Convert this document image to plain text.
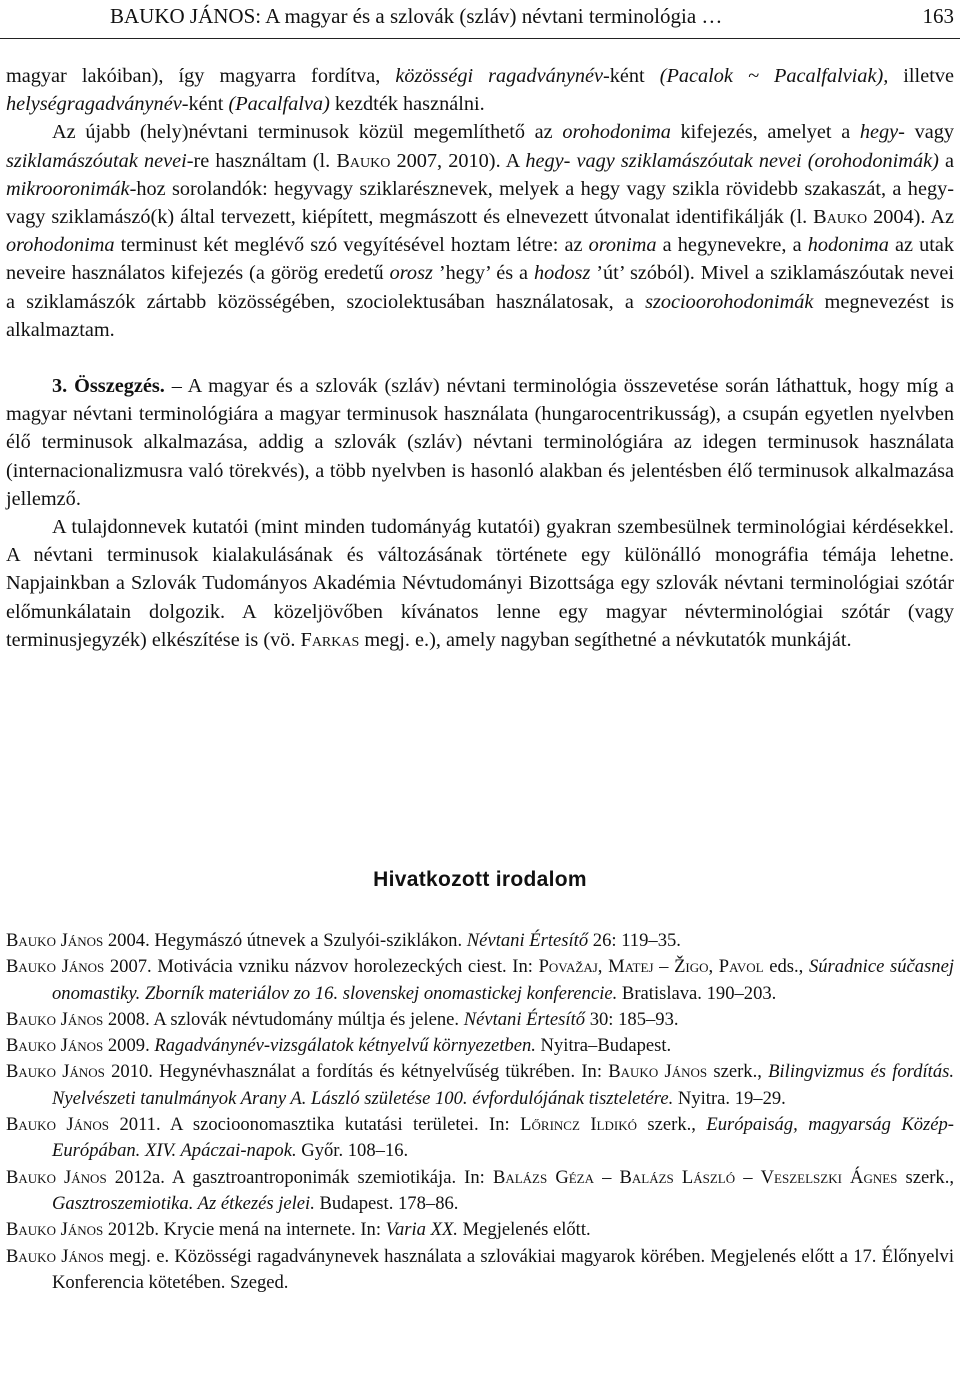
BAUKO JÁNOS: A magyar és a szlovák (szláv) névtani terminológia …	163

magyar lakóiban), így magyarra fordítva, közösségi ragadványnév-ként (Pacalok ~ Pacalfalviak), illetve helységragadványnév-ként (Pacalfalva) kezdték használni.

Az újabb (hely)névtani terminusok közül megemlíthető az orohodonima kifejezés, amelyet a hegy- vagy sziklamászóutak nevei-re használtam (l. Bauko 2007, 2010). A hegy- vagy sziklamászóutak nevei (orohodonimák) a mikrooronimák-hoz sorolandók: hegyvagy sziklarésznevek, melyek a hegy vagy szikla rövidebb szakaszát, a hegy- vagy sziklamászó(k) által tervezett, kiépített, megmászott és elnevezett útvonalat identifikálják (l. Bauko 2004). Az orohodonima terminust két meglévő szó vegyítésével hoztam létre: az oronima a hegynevekre, a hodonima az utak neveire használatos kifejezés (a görög eredetű orosz ’hegy’ és a hodosz ’út’ szóból). Mivel a sziklamászóutak nevei a sziklamászók zártabb közösségében, szociolektusában használatosak, a szocioorohodonimák megnevezést is alkalmaztam.

3. Összegzés. – A magyar és a szlovák (szláv) névtani terminológia összevetése során láthattuk, hogy míg a magyar névtani terminológiára a magyar terminusok használata (hungarocentrikusság), a csupán egyetlen nyelvben élő terminusok alkalmazása, addig a szlovák (szláv) névtani terminológiára az idegen terminusok használata (internacionalizmusra való törekvés), a több nyelvben is hasonló alakban és jelentésben élő terminusok alkalmazása jellemző.

A tulajdonnevek kutatói (mint minden tudományág kutatói) gyakran szembesülnek terminológiai kérdésekkel. A névtani terminusok kialakulásának és változásának története egy különálló monográfia témája lehetne. Napjainkban a Szlovák Tudományos Akadémia Névtudományi Bizottsága egy szlovák névtani terminológiai szótár előmunkálatain dolgozik. A közeljövőben kívánatos lenne egy magyar névterminológiai szótár (vagy terminusjegyzék) elkészítése is (vö. Farkas megj. e.), amely nagyban segíthetné a névkutatók munkáját.

Hivatkozott irodalom

Bauko János 2004. Hegymászó útnevek a Szulyói-sziklákon. Névtani Értesítő 26: 119–35.

Bauko János 2007. Motivácia vzniku názvov horolezeckých ciest. In: Považaj, Matej – Žigo, Pavol eds., Súradnice súčasnej onomastiky. Zborník materiálov zo 16. slovenskej onomastickej konferencie. Bratislava. 190–203.

Bauko János 2008. A szlovák névtudomány múltja és jelene. Névtani Értesítő 30: 185–93.

Bauko János 2009. Ragadványnév-vizsgálatok kétnyelvű környezetben. Nyitra–Budapest.

Bauko János 2010. Hegynévhasználat a fordítás és kétnyelvűség tükrében. In: Bauko János szerk., Bilingvizmus és fordítás. Nyelvészeti tanulmányok Arany A. László születése 100. évfordulójának tiszteletére. Nyitra. 19–29.

Bauko János 2011. A szocioonomasztika kutatási területei. In: Lőrincz Ildikó szerk., Európaiság, magyarság Közép-Európában. XIV. Apáczai-napok. Győr. 108–16.

Bauko János 2012a. A gasztroantroponimák szemiotikája. In: Balázs Géza – Balázs László – Veszelszki Ágnes szerk., Gasztroszemiotika. Az étkezés jelei. Budapest. 178–86.

Bauko János 2012b. Krycie mená na internete. In: Varia XX. Megjelenés előtt.

Bauko János megj. e. Közösségi ragadványnevek használata a szlovákiai magyarok körében. Megjelenés előtt a 17. Élőnyelvi Konferencia kötetében. Szeged.
